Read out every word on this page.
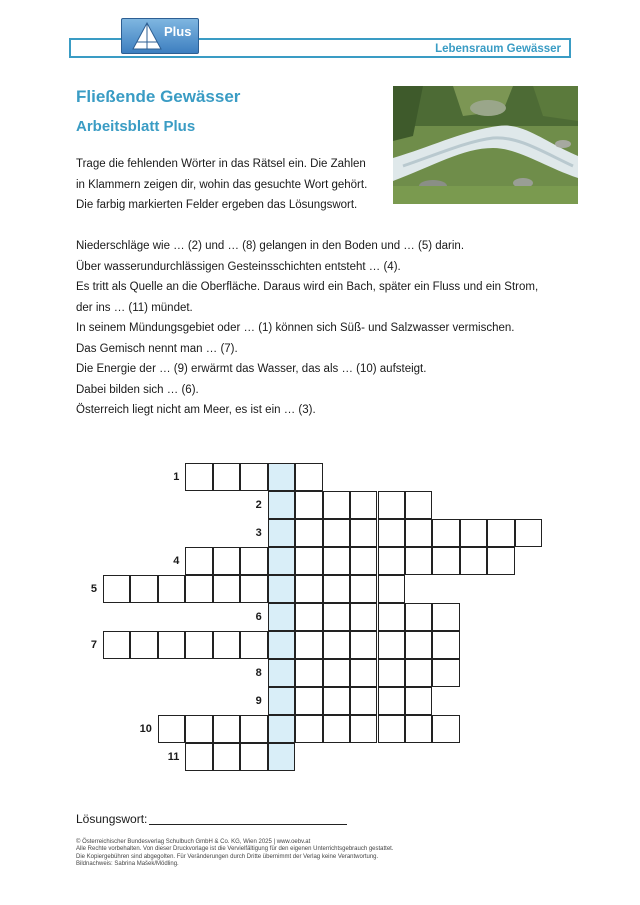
Lebensraum Gewässer
Plus
Fließende Gewässer
Arbeitsblatt Plus
Trage die fehlenden Wörter in das Rätsel ein. Die Zahlen
in Klammern zeigen dir, wohin das gesuchte Wort gehört.
Die farbig markierten Felder ergeben das Lösungswort.
Niederschläge wie … (2) und … (8) gelangen in den Boden und … (5) darin.
Über wasserundurchlässigen Gesteinsschichten entsteht … (4).
Es tritt als Quelle an die Oberfläche. Daraus wird ein Bach, später ein Fluss und ein Strom,
der ins … (11) mündet.
In seinem Mündungsgebiet oder … (1) können sich Süß- und Salzwasser vermischen.
Das Gemisch nennt man … (7).
Die Energie der … (9) erwärmt das Wasser, das als … (10) aufsteigt.
Dabei bilden sich … (6).
Österreich liegt nicht am Meer, es ist ein … (3).
1
2
3
4
5
6
7
8
9
10
11
Lösungswort:
© Österreichischer Bundesverlag Schulbuch GmbH & Co. KG, Wien 2025 | www.oebv.at
Alle Rechte vorbehalten. Von dieser Druckvorlage ist die Vervielfältigung für den eigenen Unterrichtsgebrauch gestattet.
Die Kopiergebühren sind abgegolten. Für Veränderungen durch Dritte übernimmt der Verlag keine Verantwortung.
Bildnachweis: Sabrina Mašek/Mödling.
